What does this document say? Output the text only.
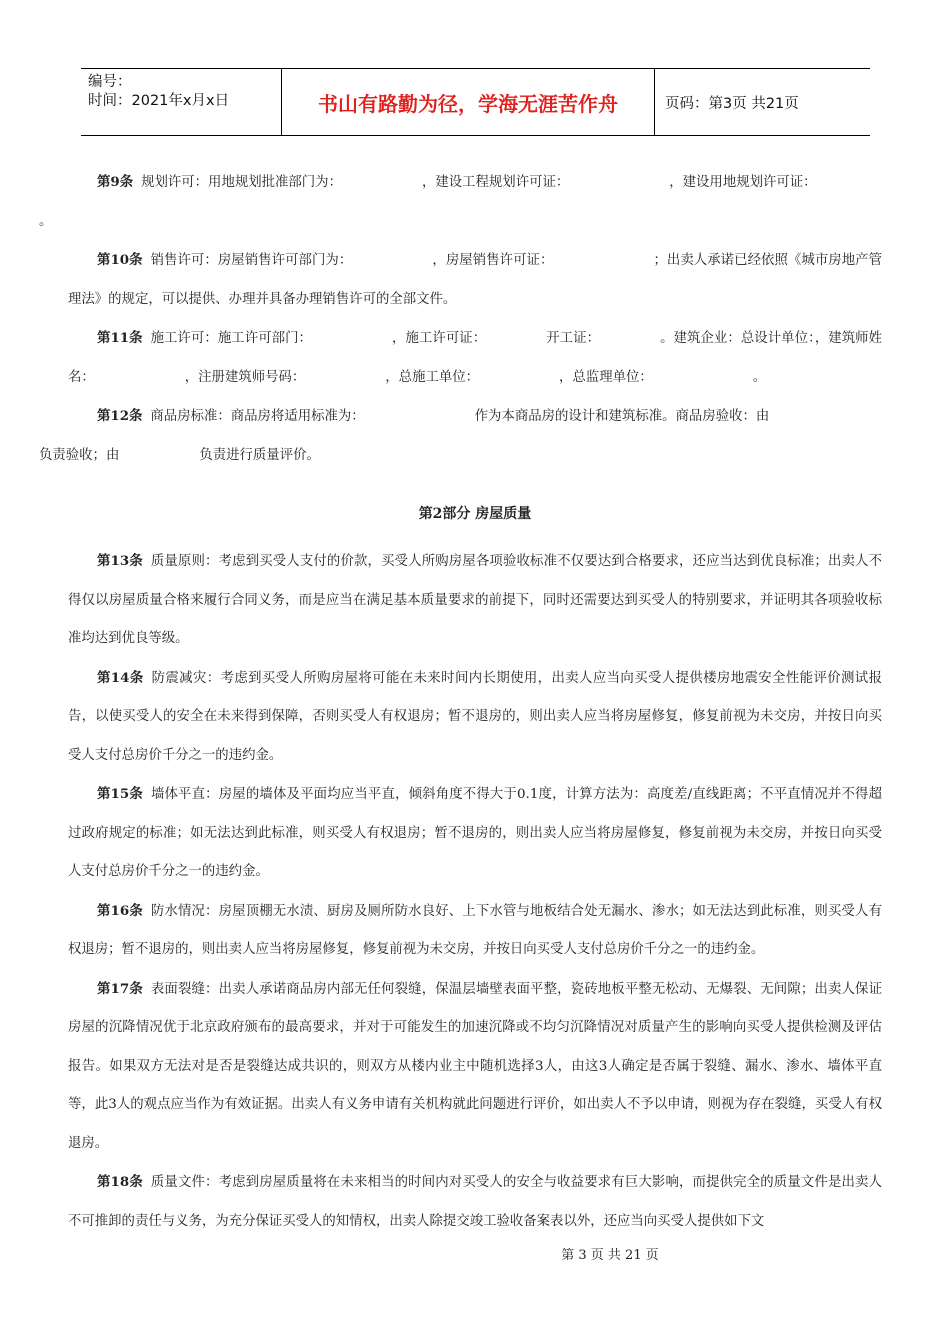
编号：
时间：2021年x月x日	书山有路勤为径，学海无涯苦作舟	页码：第3页 共21页

第9条 规划许可：用地规划批准部门为：	，建设工程规划许可证：	，建设用地规划许可证：
。

第10条 销售许可：房屋销售许可部门为：	，房屋销售许可证：	；出卖人承诺已经依照《城市房地产管理法》的规定，可以提供、办理并具备办理销售许可的全部文件。

第11条 施工许可：施工许可部门：	，施工许可证：	开工证：	。建筑企业：总设计单位：，建筑师姓名：	，注册建筑师号码：	，总施工单位：	，总监理单位：	。

第12条 商品房标准：商品房将适用标准为：	作为本商品房的设计和建筑标准。商品房验收：由
负责验收；由	负责进行质量评价。

第2部分 房屋质量

第13条 质量原则：考虑到买受人支付的价款，买受人所购房屋各项验收标准不仅要达到合格要求，还应当达到优良标准；出卖人不得仅以房屋质量合格来履行合同义务，而是应当在满足基本质量要求的前提下，同时还需要达到买受人的特别要求，并证明其各项验收标准均达到优良等级。

第14条 防震减灾：考虑到买受人所购房屋将可能在未来时间内长期使用，出卖人应当向买受人提供楼房地震安全性能评价测试报告，以使买受人的安全在未来得到保障，否则买受人有权退房；暂不退房的，则出卖人应当将房屋修复，修复前视为未交房，并按日向买受人支付总房价千分之一的违约金。

第15条 墙体平直：房屋的墙体及平面均应当平直，倾斜角度不得大于0.1度，计算方法为：高度差/直线距离；不平直情况并不得超过政府规定的标准；如无法达到此标准，则买受人有权退房；暂不退房的，则出卖人应当将房屋修复，修复前视为未交房，并按日向买受人支付总房价千分之一的违约金。

第16条 防水情况：房屋顶棚无水渍、厨房及厕所防水良好、上下水管与地板结合处无漏水、渗水；如无法达到此标准，则买受人有权退房；暂不退房的，则出卖人应当将房屋修复，修复前视为未交房，并按日向买受人支付总房价千分之一的违约金。

第17条 表面裂缝：出卖人承诺商品房内部无任何裂缝，保温层墙壁表面平整，瓷砖地板平整无松动、无爆裂、无间隙；出卖人保证房屋的沉降情况优于北京政府颁布的最高要求，并对于可能发生的加速沉降或不均匀沉降情况对质量产生的影响向买受人提供检测及评估报告。如果双方无法对是否是裂缝达成共识的，则双方从楼内业主中随机选择3人，由这3人确定是否属于裂缝、漏水、渗水、墙体平直等，此3人的观点应当作为有效证据。出卖人有义务申请有关机构就此问题进行评价，如出卖人不予以申请，则视为存在裂缝，买受人有权退房。

第18条 质量文件：考虑到房屋质量将在未来相当的时间内对买受人的安全与收益要求有巨大影响，而提供完全的质量文件是出卖人不可推卸的责任与义务，为充分保证买受人的知情权，出卖人除提交竣工验收备案表以外，还应当向买受人提供如下文

第 3 页 共 21 页
